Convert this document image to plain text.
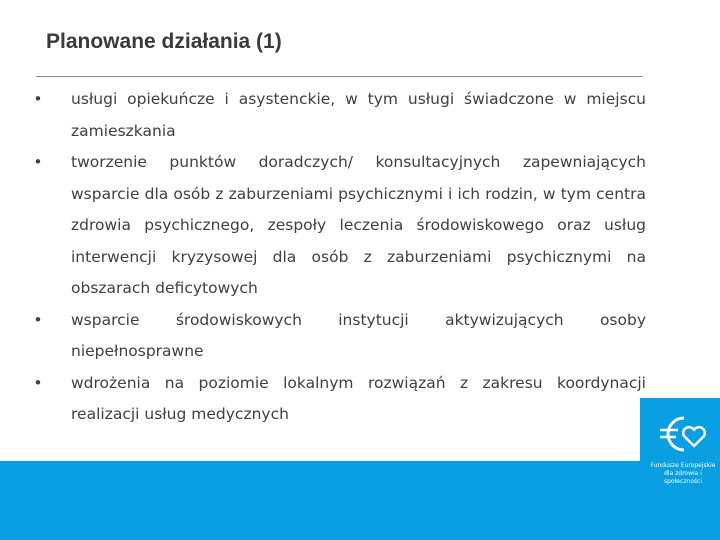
Planowane działania (1)
• usługi opiekuńcze i asystenckie, w tym usługi świadczone w miejscu zamieszkania
• tworzenie punktów doradczych/ konsultacyjnych zapewniających wsparcie dla osób z zaburzeniami psychicznymi i ich rodzin, w tym centra zdrowia psychicznego, zespoły leczenia środowiskowego oraz usług interwencji kryzysowej dla osób z zaburzeniami psychicznymi na obszarach deficytowych
• wsparcie środowiskowych instytucji aktywizujących osoby niepełnosprawne
• wdrożenia na poziomie lokalnym rozwiązań z zakresu koordynacji realizacji usług medycznych
Fundusze Europejskie dla zdrowia i społeczności
